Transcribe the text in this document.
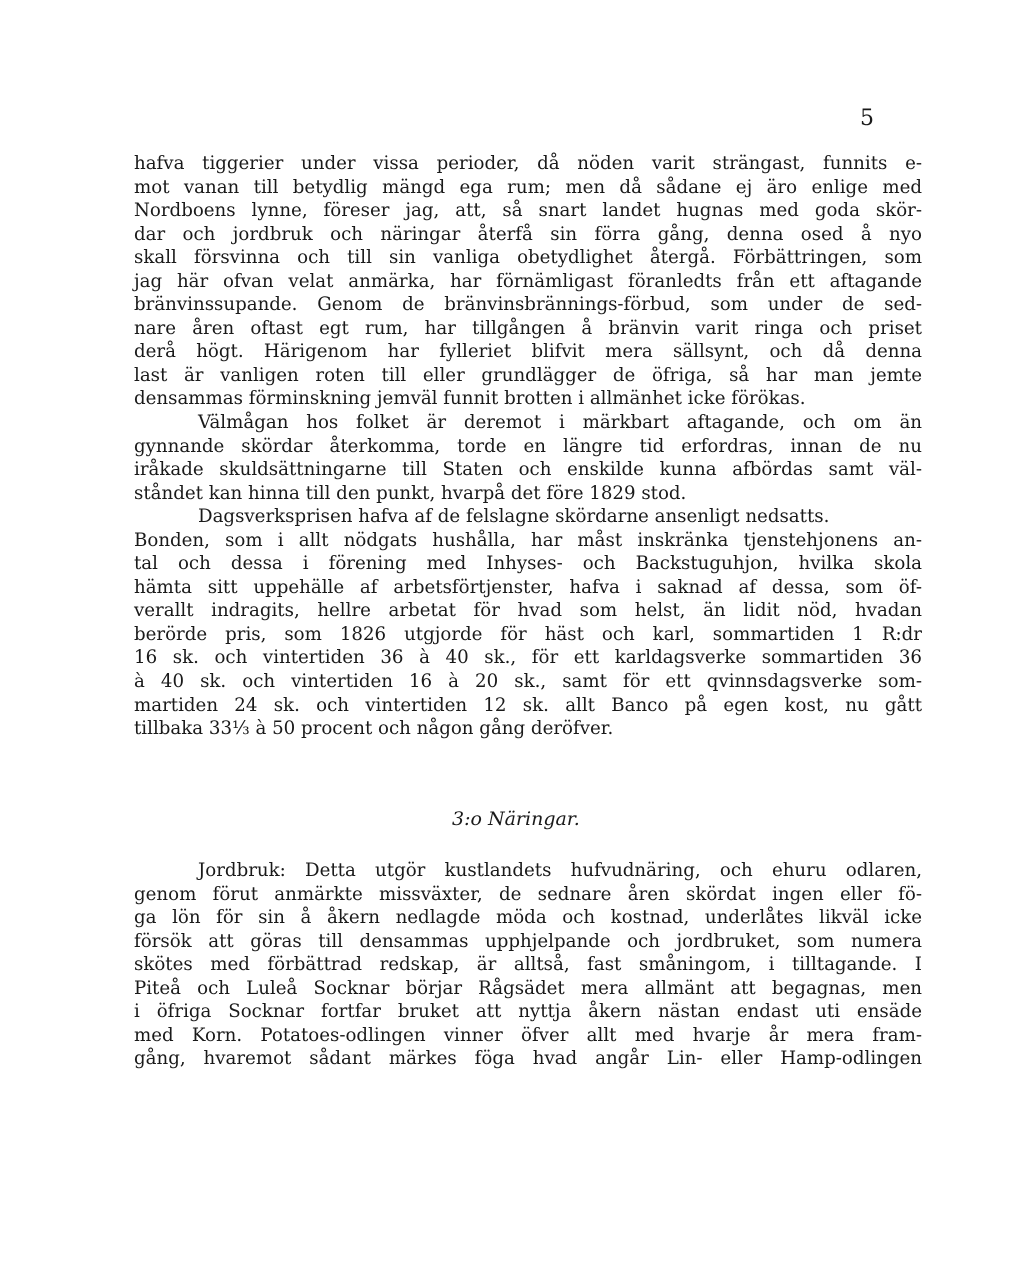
5
hafva tiggerier under vissa perioder, då nöden varit strängast, funnits e-
mot vanan till betydlig mängd ega rum; men då sådane ej äro enlige med
Nordboens lynne, föreser jag, att, så snart landet hugnas med goda skör-
dar och jordbruk och näringar återfå sin förra gång, denna osed å nyo
skall försvinna och till sin vanliga obetydlighet återgå. Förbättringen, som
jag här ofvan velat anmärka, har förnämligast föranledts från ett aftagande
bränvinssupande. Genom de bränvinsbrännings-förbud, som under de sed-
nare åren oftast egt rum, har tillgången å bränvin varit ringa och priset
derå högt. Härigenom har fylleriet blifvit mera sällsynt, och då denna
last är vanligen roten till eller grundlägger de öfriga, så har man jemte
densammas förminskning jemväl funnit brotten i allmänhet icke förökas.
Välmågan hos folket är deremot i märkbart aftagande, och om än
gynnande skördar återkomma, torde en längre tid erfordras, innan de nu
iråkade skuldsättningarne till Staten och enskilde kunna afbördas samt väl-
ståndet kan hinna till den punkt, hvarpå det före 1829 stod.
Dagsverksprisen hafva af de felslagne skördarne ansenligt nedsatts.
Bonden, som i allt nödgats hushålla, har måst inskränka tjenstehjonens an-
tal och dessa i förening med Inhyses- och Backstuguhjon, hvilka skola
hämta sitt uppehälle af arbetsförtjenster, hafva i saknad af dessa, som öf-
verallt indragits, hellre arbetat för hvad som helst, än lidit nöd, hvadan
berörde pris, som 1826 utgjorde för häst och karl, sommartiden 1 R:dr
16 sk. och vintertiden 36 à 40 sk., för ett karldagsverke sommartiden 36
à 40 sk. och vintertiden 16 à 20 sk., samt för ett qvinnsdagsverke som-
martiden 24 sk. och vintertiden 12 sk. allt Banco på egen kost, nu gått
tillbaka 33⅓ à 50 procent och någon gång deröfver.
3:o Näringar.
Jordbruk: Detta utgör kustlandets hufvudnäring, och ehuru odlaren,
genom förut anmärkte missväxter, de sednare åren skördat ingen eller fö-
ga lön för sin å åkern nedlagde möda och kostnad, underlåtes likväl icke
försök att göras till densammas upphjelpande och jordbruket, som numera
skötes med förbättrad redskap, är alltså, fast småningom, i tilltagande. I
Piteå och Luleå Socknar börjar Rågsädet mera allmänt att begagnas, men
i öfriga Socknar fortfar bruket att nyttja åkern nästan endast uti ensäde
med Korn. Potatoes-odlingen vinner öfver allt med hvarje år mera fram-
gång, hvaremot sådant märkes föga hvad angår Lin- eller Hamp-odlingen
